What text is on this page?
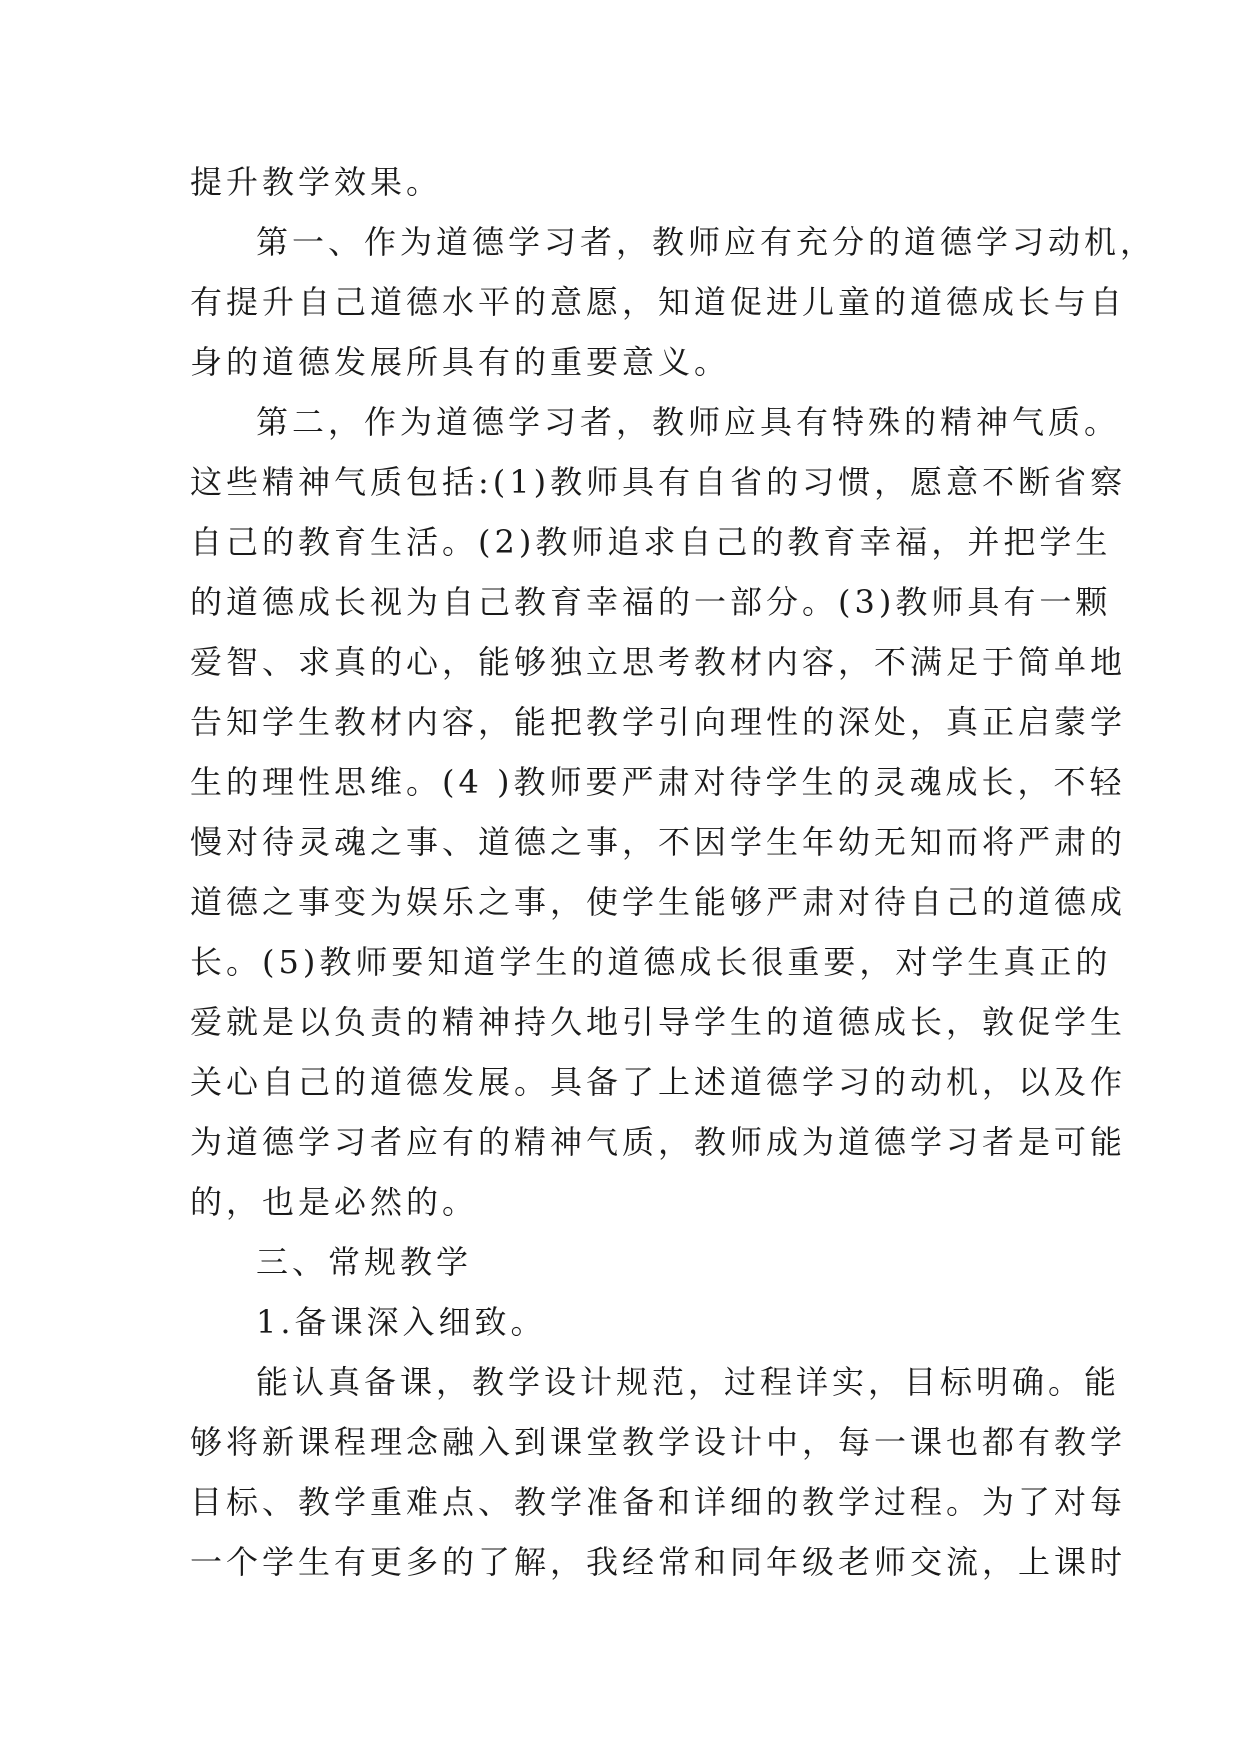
提升教学效果。
第一、作为道德学习者，教师应有充分的道德学习动机，
有提升自己道德水平的意愿，知道促进儿童的道德成长与自
身的道德发展所具有的重要意义。
第二，作为道德学习者，教师应具有特殊的精神气质。
这些精神气质包括:(1)教师具有自省的习惯，愿意不断省察
自己的教育生活。(2)教师追求自己的教育幸福，并把学生
的道德成长视为自己教育幸福的一部分。(3)教师具有一颗
爱智、求真的心，能够独立思考教材内容，不满足于简单地
告知学生教材内容，能把教学引向理性的深处，真正启蒙学
生的理性思维。(4 )教师要严肃对待学生的灵魂成长，不轻
慢对待灵魂之事、道德之事，不因学生年幼无知而将严肃的
道德之事变为娱乐之事，使学生能够严肃对待自己的道德成
长。(5)教师要知道学生的道德成长很重要，对学生真正的
爱就是以负责的精神持久地引导学生的道德成长，敦促学生
关心自己的道德发展。具备了上述道德学习的动机，以及作
为道德学习者应有的精神气质，教师成为道德学习者是可能
的，也是必然的。
三、常规教学
1.备课深入细致。
能认真备课，教学设计规范，过程详实，目标明确。能
够将新课程理念融入到课堂教学设计中，每一课也都有教学
目标、教学重难点、教学准备和详细的教学过程。为了对每
一个学生有更多的了解，我经常和同年级老师交流，上课时
